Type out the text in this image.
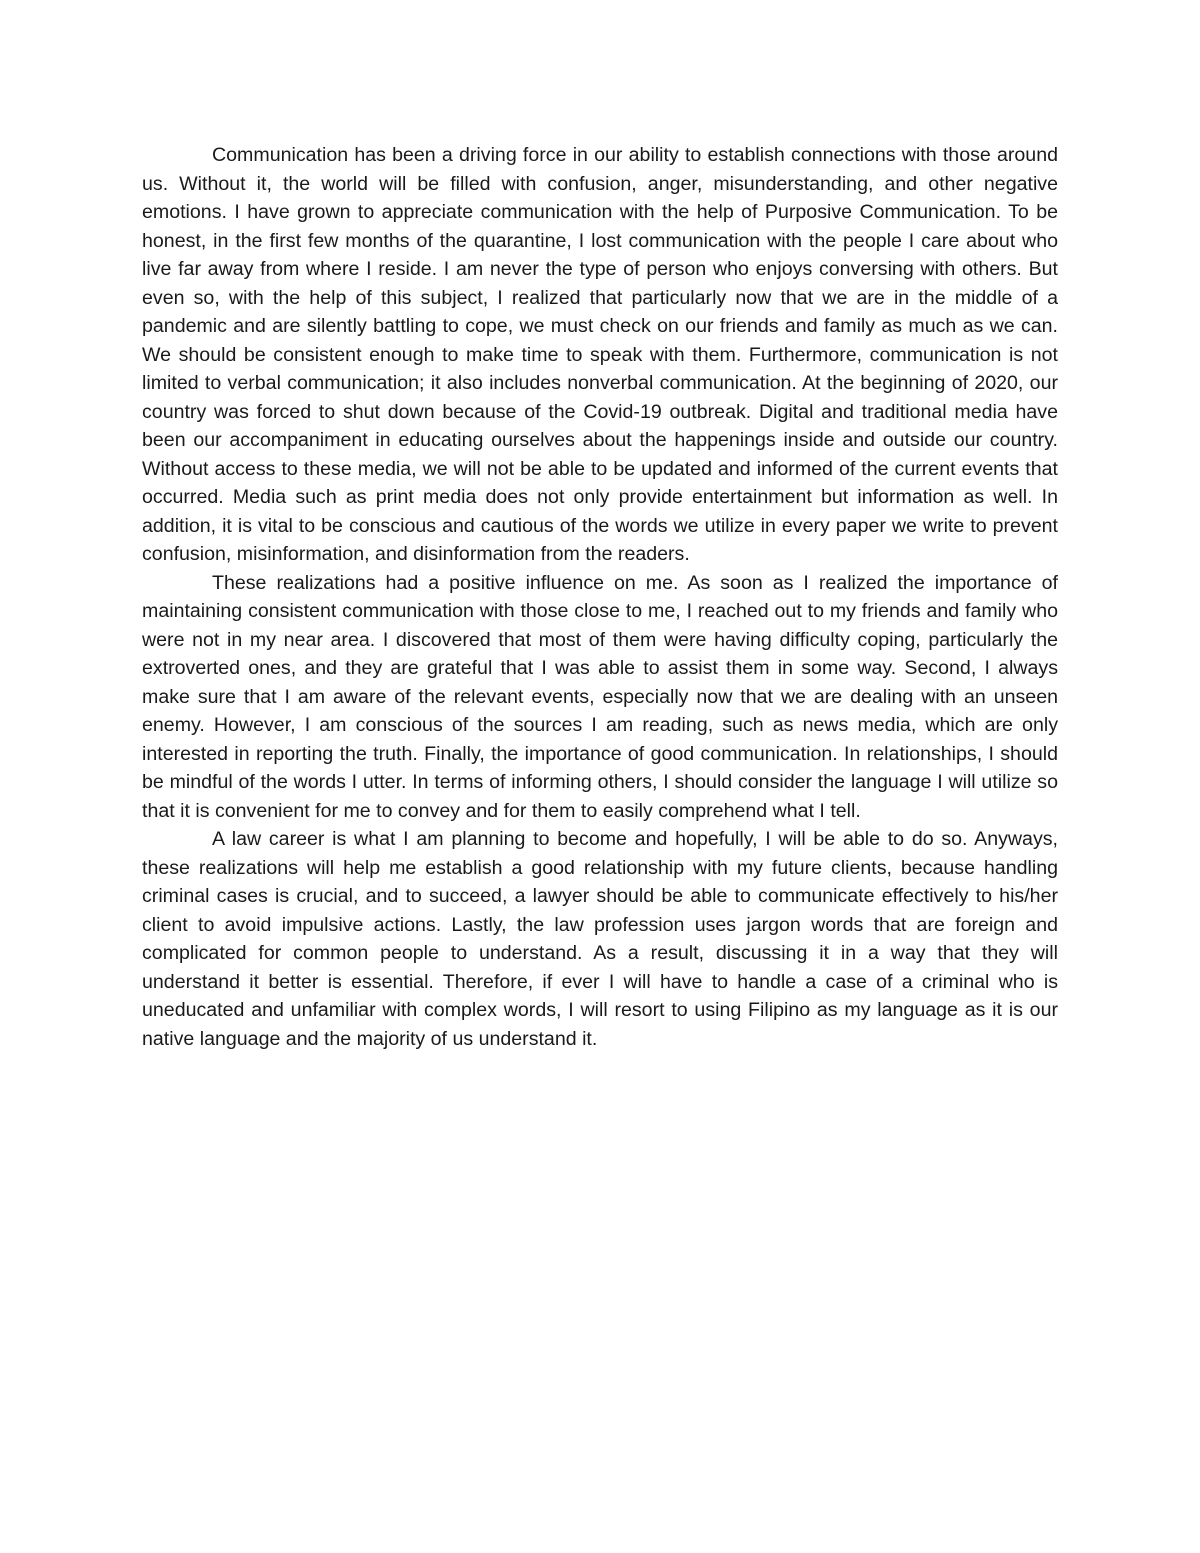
Communication has been a driving force in our ability to establish connections with those around us. Without it, the world will be filled with confusion, anger, misunderstanding, and other negative emotions. I have grown to appreciate communication with the help of Purposive Communication. To be honest, in the first few months of the quarantine, I lost communication with the people I care about who live far away from where I reside. I am never the type of person who enjoys conversing with others. But even so, with the help of this subject, I realized that particularly now that we are in the middle of a pandemic and are silently battling to cope, we must check on our friends and family as much as we can. We should be consistent enough to make time to speak with them. Furthermore, communication is not limited to verbal communication; it also includes nonverbal communication. At the beginning of 2020, our country was forced to shut down because of the Covid-19 outbreak. Digital and traditional media have been our accompaniment in educating ourselves about the happenings inside and outside our country. Without access to these media, we will not be able to be updated and informed of the current events that occurred. Media such as print media does not only provide entertainment but information as well. In addition, it is vital to be conscious and cautious of the words we utilize in every paper we write to prevent confusion, misinformation, and disinformation from the readers.

These realizations had a positive influence on me. As soon as I realized the importance of maintaining consistent communication with those close to me, I reached out to my friends and family who were not in my near area. I discovered that most of them were having difficulty coping, particularly the extroverted ones, and they are grateful that I was able to assist them in some way. Second, I always make sure that I am aware of the relevant events, especially now that we are dealing with an unseen enemy. However, I am conscious of the sources I am reading, such as news media, which are only interested in reporting the truth. Finally, the importance of good communication. In relationships, I should be mindful of the words I utter. In terms of informing others, I should consider the language I will utilize so that it is convenient for me to convey and for them to easily comprehend what I tell.

A law career is what I am planning to become and hopefully, I will be able to do so. Anyways, these realizations will help me establish a good relationship with my future clients, because handling criminal cases is crucial, and to succeed, a lawyer should be able to communicate effectively to his/her client to avoid impulsive actions. Lastly, the law profession uses jargon words that are foreign and complicated for common people to understand. As a result, discussing it in a way that they will understand it better is essential. Therefore, if ever I will have to handle a case of a criminal who is uneducated and unfamiliar with complex words, I will resort to using Filipino as my language as it is our native language and the majority of us understand it.
